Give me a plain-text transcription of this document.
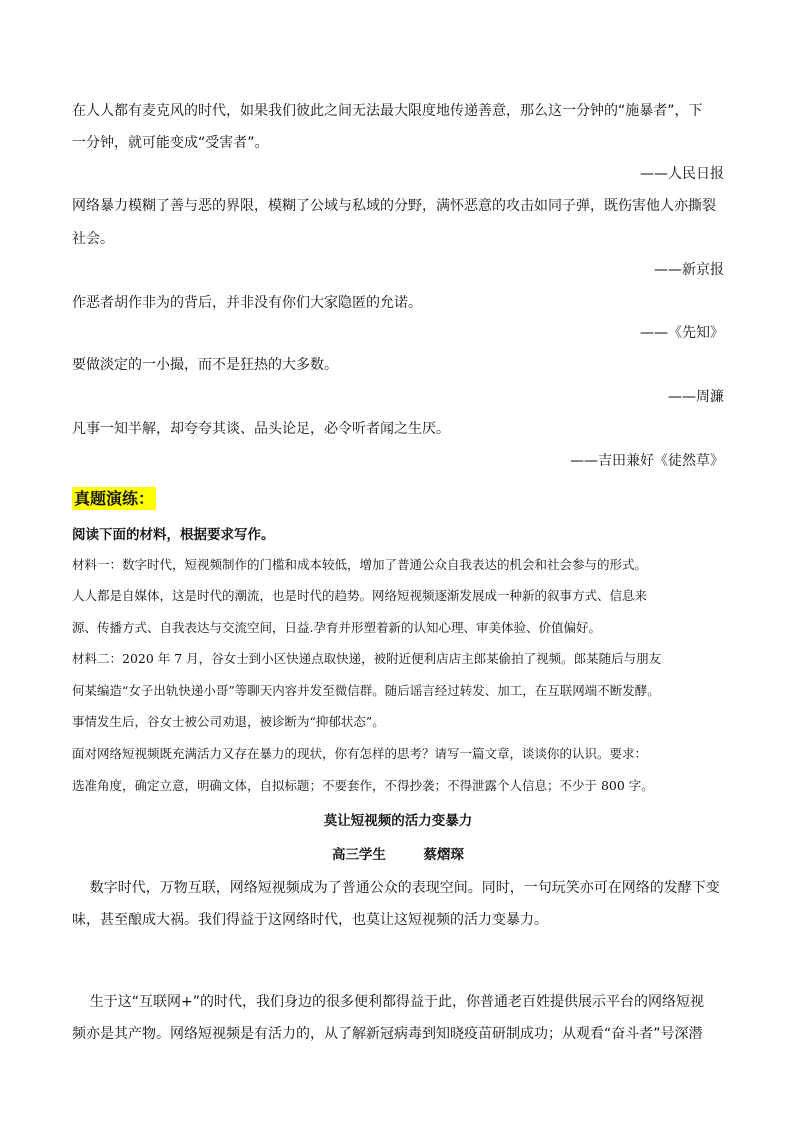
在人人都有麦克风的时代，如果我们彼此之间无法最大限度地传递善意，那么这一分钟的“施暴者”，下
一分钟，就可能变成“受害者”。
——人民日报
网络暴力模糊了善与恶的界限，模糊了公域与私域的分野，满怀恶意的攻击如同子弹，既伤害他人亦撕裂
社会。
——新京报
作恶者胡作非为的背后，并非没有你们大家隐匿的允诺。
——《先知》
要做淡定的一小撮，而不是狂热的大多数。
——周濂
凡事一知半解，却夸夸其谈、品头论足，必令听者闻之生厌。
——吉田兼好《徒然草》
真题演练：
阅读下面的材料，根据要求写作。
材料一：数字时代，短视频制作的门槛和成本较低，增加了普通公众自我表达的机会和社会参与的形式。
人人都是自媒体，这是时代的潮流，也是时代的趋势。网络短视频逐渐发展成一种新的叙事方式、信息来
源、传播方式、自我表达与交流空间，日益.孕育并形塑着新的认知心理、审美体验、价值偏好。
材料二：2020 年 7 月，谷女士到小区快递点取快递，被附近便利店店主郎某偷拍了视频。郎某随后与朋友
何某编造“女子出轨快递小哥”等聊天内容并发至微信群。随后谣言经过转发、加工，在互联网端不断发酵。
事情发生后，谷女士被公司劝退，被诊断为“抑郁状态”。
面对网络短视频既充满活力又存在暴力的现状，你有怎样的思考？请写一篇文章，谈谈你的认识。要求：
选准角度，确定立意，明确文体，自拟标题；不要套作，不得抄袭；不得泄露个人信息；不少于 800 字。
莫让短视频的活力变暴力
高三学生        蔡熠琛
数字时代，万物互联，网络短视频成为了普通公众的表现空间。同时，一句玩笑亦可在网络的发酵下变
味，甚至酿成大祸。我们得益于这网络时代，也莫让这短视频的活力变暴力。
生于这“互联网+”的时代，我们身边的很多便利都得益于此，你普通老百姓提供展示平台的网络短视
频亦是其产物。网络短视频是有活力的，从了解新冠病毒到知晓疫苗研制成功；从观看“奋斗者”号深潜
